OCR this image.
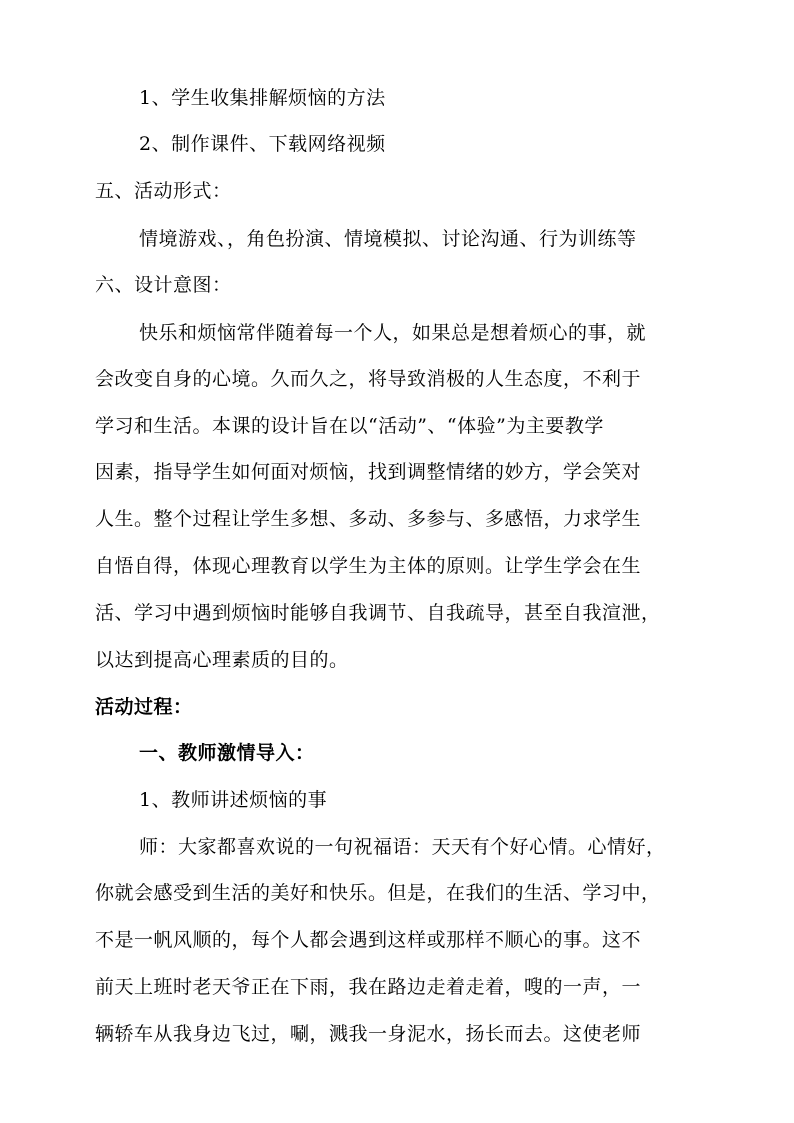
1、学生收集排解烦恼的方法
2、制作课件、下载网络视频
五、活动形式：
情境游戏、，角色扮演、情境模拟、讨论沟通、行为训练等
六、设计意图：
快乐和烦恼常伴随着每一个人，如果总是想着烦心的事，就
会改变自身的心境。久而久之，将导致消极的人生态度，不利于
学习和生活。本课的设计旨在以“活动”、“体验”为主要教学
因素，指导学生如何面对烦恼，找到调整情绪的妙方，学会笑对
人生。整个过程让学生多想、多动、多参与、多感悟，力求学生
自悟自得，体现心理教育以学生为主体的原则。让学生学会在生
活、学习中遇到烦恼时能够自我调节、自我疏导，甚至自我渲泄，
以达到提高心理素质的目的。
活动过程：
一、教师激情导入：
1、教师讲述烦恼的事
师：大家都喜欢说的一句祝福语：天天有个好心情。心情好，
你就会感受到生活的美好和快乐。但是，在我们的生活、学习中，
不是一帆风顺的，每个人都会遇到这样或那样不顺心的事。这不
前天上班时老天爷正在下雨，我在路边走着走着，嗖的一声，一
辆轿车从我身边飞过，唰，溅我一身泥水，扬长而去。这使老师
